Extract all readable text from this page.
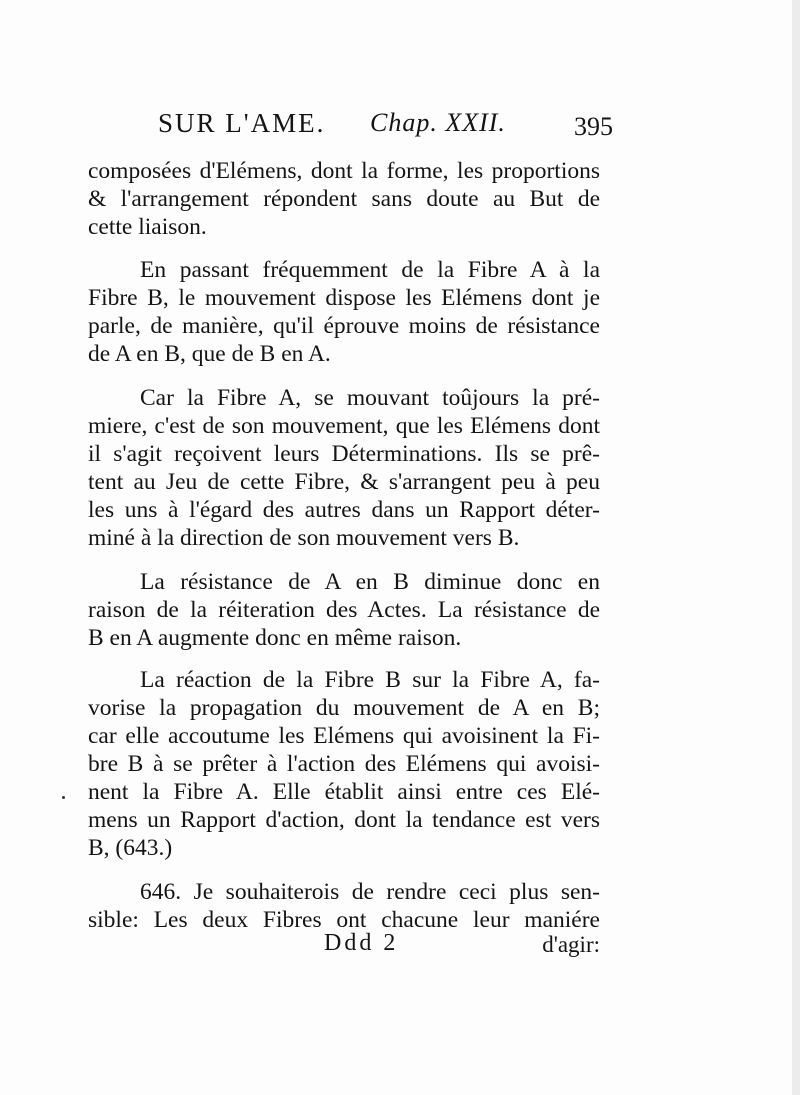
SUR L'AME. Chap. XXII.	395
composées d'Elémens, dont la forme, les proportions
& l'arrangement répondent sans doute au But de
cette liaison.
En passant fréquemment de la Fibre A à la
Fibre B, le mouvement dispose les Elémens dont je
parle, de manière, qu'il éprouve moins de résistance
de A en B, que de B en A.
Car la Fibre A, se mouvant toûjours la pré-
miere, c'est de son mouvement, que les Elémens dont
il s'agit reçoivent leurs Déterminations. Ils se prê-
tent au Jeu de cette Fibre, & s'arrangent peu à peu
les uns à l'égard des autres dans un Rapport déter-
miné à la direction de son mouvement vers B.
La résistance de A en B diminue donc en
raison de la réiteration des Actes. La résistance de
B en A augmente donc en même raison.
La réaction de la Fibre B sur la Fibre A, fa-
vorise la propagation du mouvement de A en B;
car elle accoutume les Elémens qui avoisinent la Fi-
bre B à se prêter à l'action des Elémens qui avoisi-
nent la Fibre A. Elle établit ainsi entre ces Elé-
mens un Rapport d'action, dont la tendance est vers
B, (643.)
646. Je souhaiterois de rendre ceci plus sen-
sible: Les deux Fibres ont chacune leur maniére
Ddd 2	d'agir:
